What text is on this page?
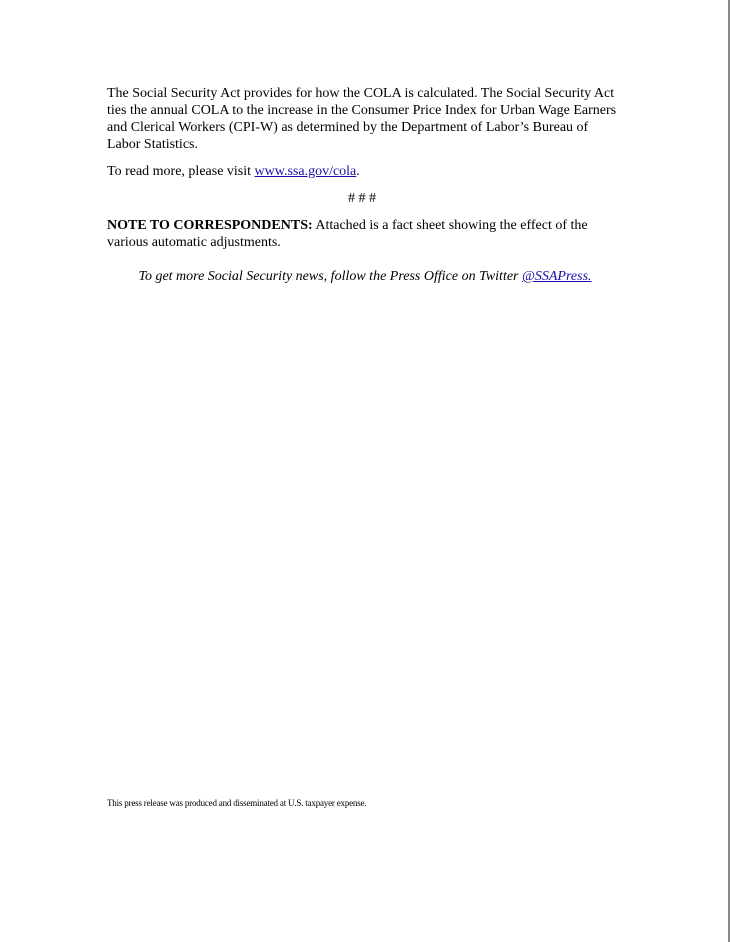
The Social Security Act provides for how the COLA is calculated. The Social Security Act ties the annual COLA to the increase in the Consumer Price Index for Urban Wage Earners and Clerical Workers (CPI-W) as determined by the Department of Labor’s Bureau of Labor Statistics.

To read more, please visit www.ssa.gov/cola.

# # #

NOTE TO CORRESPONDENTS: Attached is a fact sheet showing the effect of the various automatic adjustments.

To get more Social Security news, follow the Press Office on Twitter @SSAPress.
This press release was produced and disseminated at U.S. taxpayer expense.
